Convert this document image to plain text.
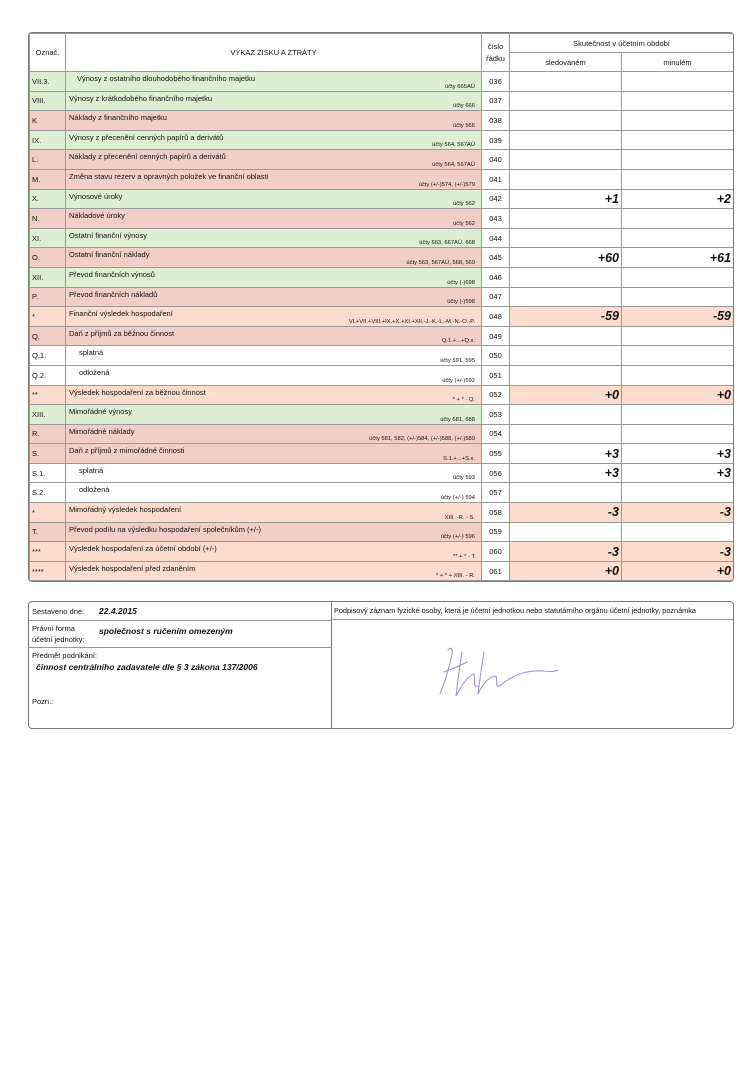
Označ.	VÝKAZ ZISKU A ZTRÁTY	číslo
řádku	Skutečnost v účetním období	
			sledovaném	minulém
VII.3.	Výnosy z ostatního dlouhodobého finančního majetku
účty 665AÚ	036		
VIII.	Výnosy z krátkodobého finančního majetku
účty 666	037		
K	Náklady z finančního majetku
účty 566	038		
IX.	Výnosy z přecenění cenných papírů a derivátů
účty 564, 567AÚ	039		
L.	Náklady z přecenění cenných papírů a derivátů
účty 564, 567AÚ	040		
M.	Změna stavu rezerv a opravných položek ve finanční oblasti
účty (+/-)574, (+/-)579	041		
X.	Výnosové úroky
účty 562	042	+1	+2
N.	Nákladové úroky
účty 562	043		
XI.	Ostatní finanční výnosy
účty 663, 667AÚ, 668	044		
O.	Ostatní finanční náklady
účty 563, 567AÚ, 568, 569	045	+60	+61
XII.	Převod finančních výnosů
účty (-)698	046		
P.	Převod finančních nákladů
účty (-)598	047		
*	Finanční výsledek hospodaření
VI.+VII.+VIII.+IX.+X.+XI.+XII.-J.-K.-L.-M.-N.-O.-P.	048	-59	-59
Q.	Daň z příjmů za běžnou činnost
Q.1.+...+Q.x.	049		
Q.1.	splatná
účty 591, 595	050		
Q.2.	odložená
účty (+/-)592	051		
**	Výsledek hospodaření za běžnou činnost
* + * - Q.	052	+0	+0
XIII.	Mimořádné výnosy
účty 681, 688	053		
R.	Mimořádné náklady
účty 581, 582, (+/-)584, (+/-)588, (+/-)589	054		
S.	Daň z příjmů z mimořádné činnosti
S.1.+...+S.x.	055	+3	+3
S.1.	splatná
účty 593	056	+3	+3
S.2.	odložená
účty (+/-) 594	057		
*	Mimořádný výsledek hospodaření
XIII. -R. - S.	058	-3	-3
T.	Převod podílu na výsledku hospodaření společníkům (+/-)
účty (+/-) 596	059		
***	Výsledek hospodaření za účetní období (+/-)
** + * - T	060	-3	-3
****	Výsledek hospodaření před zdaněním
* + * + XIII. - R.	061	+0	+0
Sestaveno dne: 22.4.2015
Právní forma
účetní jednotky:
společnost s ručením omezeným
Předmět podnikání:
činnost centrálního zadavatele dle § 3 zákona 137/2006
Pozn.:
Podpisový záznam fyzické osoby, která je účetní jednotkou nebo statutárního orgánu účetní jednotky, poznámka
